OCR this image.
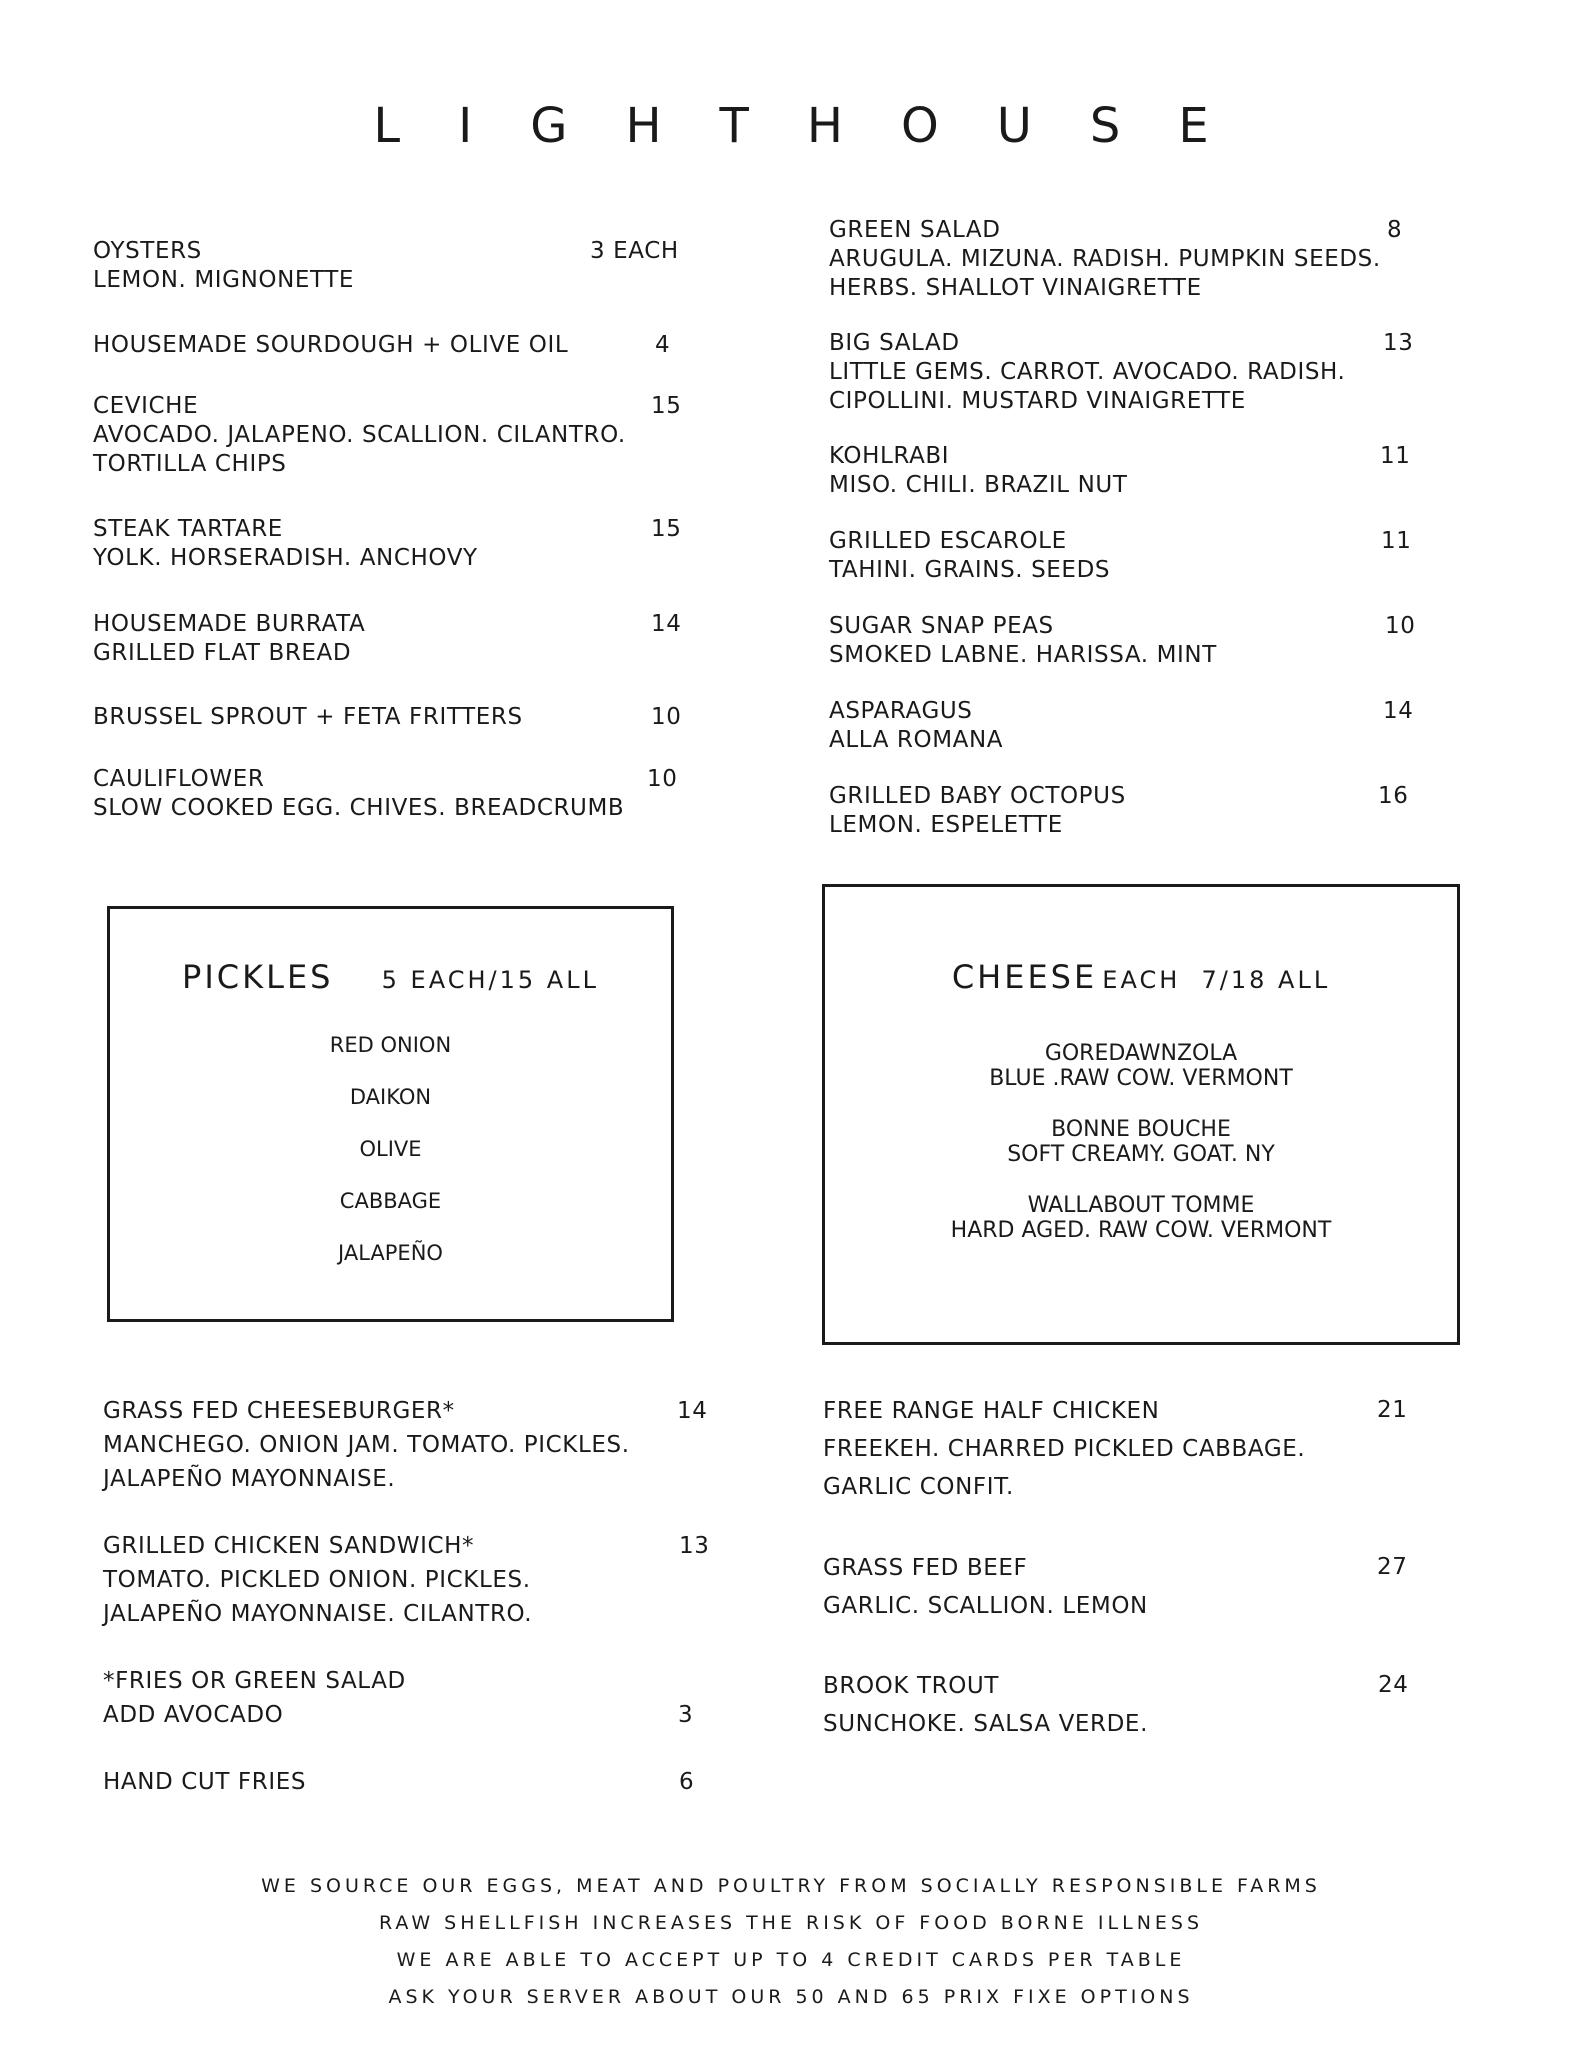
LIGHTHOUSE
OYSTERS
LEMON. MIGNONETTE
3 EACH
HOUSEMADE SOURDOUGH + OLIVE OIL	4
CEVICHE
AVOCADO. JALAPENO. SCALLION. CILANTRO.
TORTILLA CHIPS
15
STEAK TARTARE
YOLK. HORSERADISH. ANCHOVY
15
HOUSEMADE BURRATA
GRILLED FLAT BREAD
14
BRUSSEL SPROUT + FETA FRITTERS	10
CAULIFLOWER
SLOW COOKED EGG. CHIVES. BREADCRUMB
10
GREEN SALAD
ARUGULA. MIZUNA. RADISH. PUMPKIN SEEDS.
HERBS. SHALLOT VINAIGRETTE
8
BIG SALAD
LITTLE GEMS. CARROT. AVOCADO. RADISH.
CIPOLLINI. MUSTARD VINAIGRETTE
13
KOHLRABI
MISO. CHILI. BRAZIL NUT
11
GRILLED ESCAROLE
TAHINI. GRAINS. SEEDS
11
SUGAR SNAP PEAS
SMOKED LABNE. HARISSA. MINT
10
ASPARAGUS
ALLA ROMANA
14
GRILLED BABY OCTOPUS
LEMON. ESPELETTE
16
PICKLES 5 EACH/15 ALL
RED ONION
DAIKON
OLIVE
CABBAGE
JALAPEÑO
CHEESE EACH  7/18 ALL
GOREDAWNZOLA
BLUE .RAW COW. VERMONT
BONNE BOUCHE
SOFT CREAMY. GOAT. NY
WALLABOUT TOMME
HARD AGED. RAW COW. VERMONT
GRASS FED CHEESEBURGER*
MANCHEGO. ONION JAM. TOMATO. PICKLES.
JALAPEÑO MAYONNAISE.
14
GRILLED CHICKEN SANDWICH*
TOMATO. PICKLED ONION. PICKLES.
JALAPEÑO MAYONNAISE. CILANTRO.
13
*FRIES OR GREEN SALAD
ADD AVOCADO	3
HAND CUT FRIES	6
FREE RANGE HALF CHICKEN
FREEKEH. CHARRED PICKLED CABBAGE.
GARLIC CONFIT.
21
GRASS FED BEEF
GARLIC. SCALLION. LEMON
27
BROOK TROUT
SUNCHOKE. SALSA VERDE.
24
WE SOURCE OUR EGGS, MEAT AND POULTRY FROM SOCIALLY RESPONSIBLE FARMS
RAW SHELLFISH INCREASES THE RISK OF FOOD BORNE ILLNESS
WE ARE ABLE TO ACCEPT UP TO 4 CREDIT CARDS PER TABLE
ASK YOUR SERVER ABOUT OUR 50 AND 65 PRIX FIXE OPTIONS
